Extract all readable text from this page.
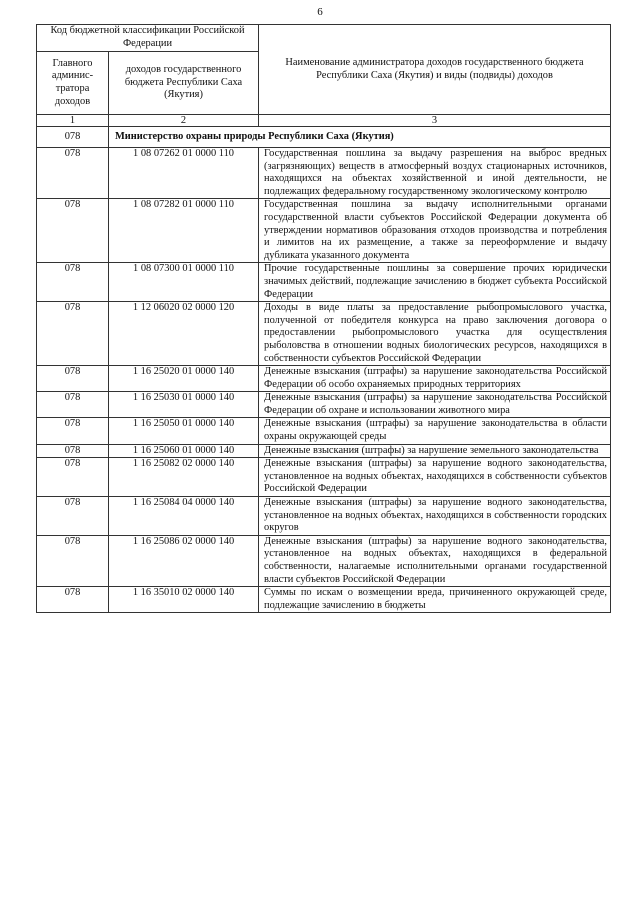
6
Код бюджетной классификации Российской Федерации		Наименование администратора доходов государственного бюджета Республики Саха (Якутия) и виды (подвиды) доходов
Главного админис-тратора доходов	доходов государственного бюджета Республики Саха (Якутия)	
1	2	3
078	Министерство охраны природы Республики Саха (Якутия)	
078	1 08 07262 01 0000 110	Государственная пошлина за выдачу разрешения на выброс вредных (загрязняющих) веществ в атмосферный воздух стационарных источников, находящихся на объектах хозяйственной и иной деятельности, не подлежащих федеральному государственному экологическому контролю
078	1 08 07282 01 0000 110	Государственная пошлина за выдачу исполнительными органами государственной власти субъектов Российской Федерации документа об утверждении нормативов образования отходов производства и потребления и лимитов на их размещение, а также за переоформление и выдачу дубликата указанного документа
078	1 08 07300 01 0000 110	Прочие государственные пошлины за совершение прочих юридически значимых действий, подлежащие зачислению в бюджет субъекта Российской Федерации
078	1 12 06020 02 0000 120	Доходы в виде платы за предоставление рыбопромыслового участка, полученной от победителя конкурса на право заключения договора о предоставлении рыбопромыслового участка для осуществления рыболовства в отношении водных биологических ресурсов, находящихся в собственности субъектов Российской Федерации
078	1 16 25020 01 0000 140	Денежные взыскания (штрафы) за нарушение законодательства Российской Федерации об особо охраняемых природных территориях
078	1 16 25030 01 0000 140	Денежные взыскания (штрафы) за нарушение законодательства Российской Федерации об охране и использовании животного мира
078	1 16 25050 01 0000 140	Денежные взыскания (штрафы) за нарушение законодательства в области охраны окружающей среды
078	1 16 25060 01 0000 140	Денежные взыскания (штрафы) за нарушение земельного законодательства
078	1 16 25082 02 0000 140	Денежные взыскания (штрафы) за нарушение водного законодательства, установленное на водных объектах, находящихся в собственности субъектов Российской Федерации
078	1 16 25084 04 0000 140	Денежные взыскания (штрафы) за нарушение водного законодательства, установленное на водных объектах, находящихся в собственности городских округов
078	1 16 25086 02 0000 140	Денежные взыскания (штрафы) за нарушение водного законодательства, установленное на водных объектах, находящихся в федеральной собственности, налагаемые исполнительными органами государственной власти субъектов Российской Федерации
078	1 16 35010 02 0000 140	Суммы по искам о возмещении вреда, причиненного окружающей среде, подлежащие зачислению в бюджеты
